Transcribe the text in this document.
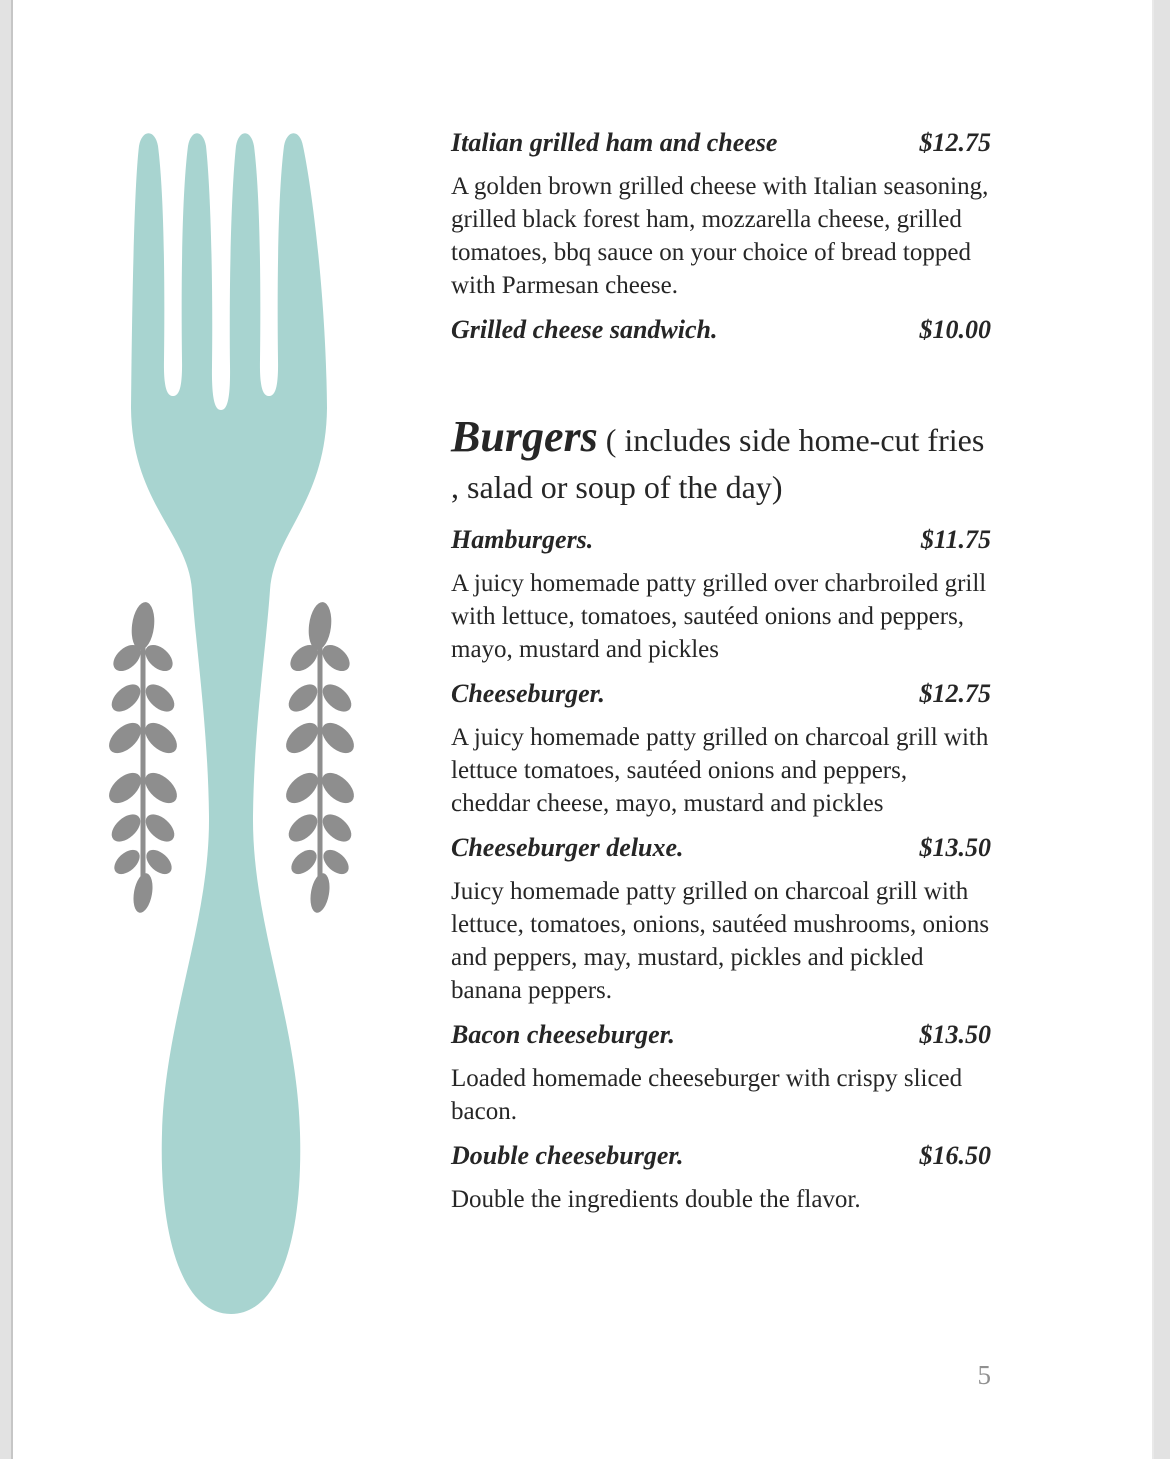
Italian grilled ham and cheese	$12.75

A golden brown grilled cheese with Italian seasoning, grilled black forest ham, mozzarella cheese, grilled tomatoes, bbq sauce on your choice of bread topped with Parmesan cheese.

Grilled cheese sandwich.	$10.00
Burgers ( includes side home-cut fries , salad or soup of the day)
Hamburgers.	$11.75

A juicy homemade patty grilled over charbroiled grill with lettuce, tomatoes, sautéed onions and peppers, mayo, mustard and pickles

Cheeseburger.	$12.75

A juicy homemade patty grilled on charcoal grill with lettuce tomatoes, sautéed onions and peppers, cheddar cheese, mayo, mustard and pickles

Cheeseburger deluxe.	$13.50

Juicy homemade patty grilled on charcoal grill with lettuce, tomatoes, onions, sautéed mushrooms, onions and peppers, may, mustard, pickles and pickled banana peppers.

Bacon cheeseburger.	$13.50

Loaded homemade cheeseburger with crispy sliced bacon.

Double cheeseburger.	$16.50

Double the ingredients double the flavor.

5
